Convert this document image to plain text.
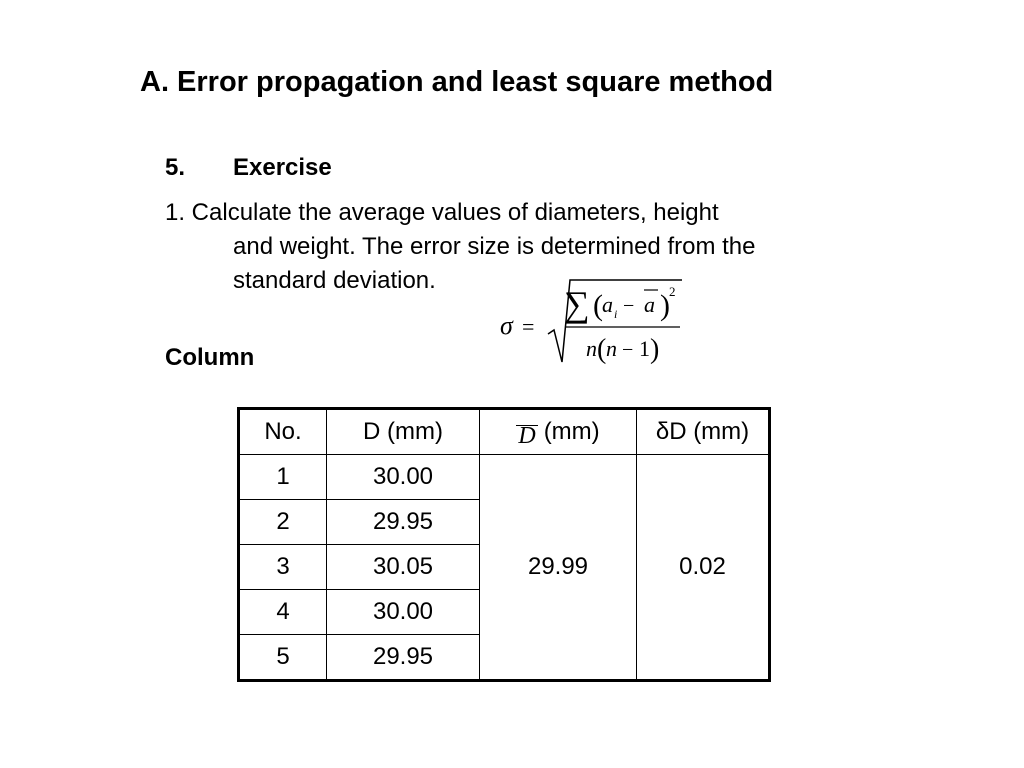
A. Error propagation and least square method
5. Exercise
1. Calculate the average values of diameters, height
and weight. The error size is determined from the
standard deviation.
σ =
∑ ( a i − a ) 2
n ( n − 1 )
Column
No.	D (mm)	D (mm)	δD (mm)
1	30.00	29.99	0.02
2	29.95		
3	30.05		
4	30.00		
5	29.95		
